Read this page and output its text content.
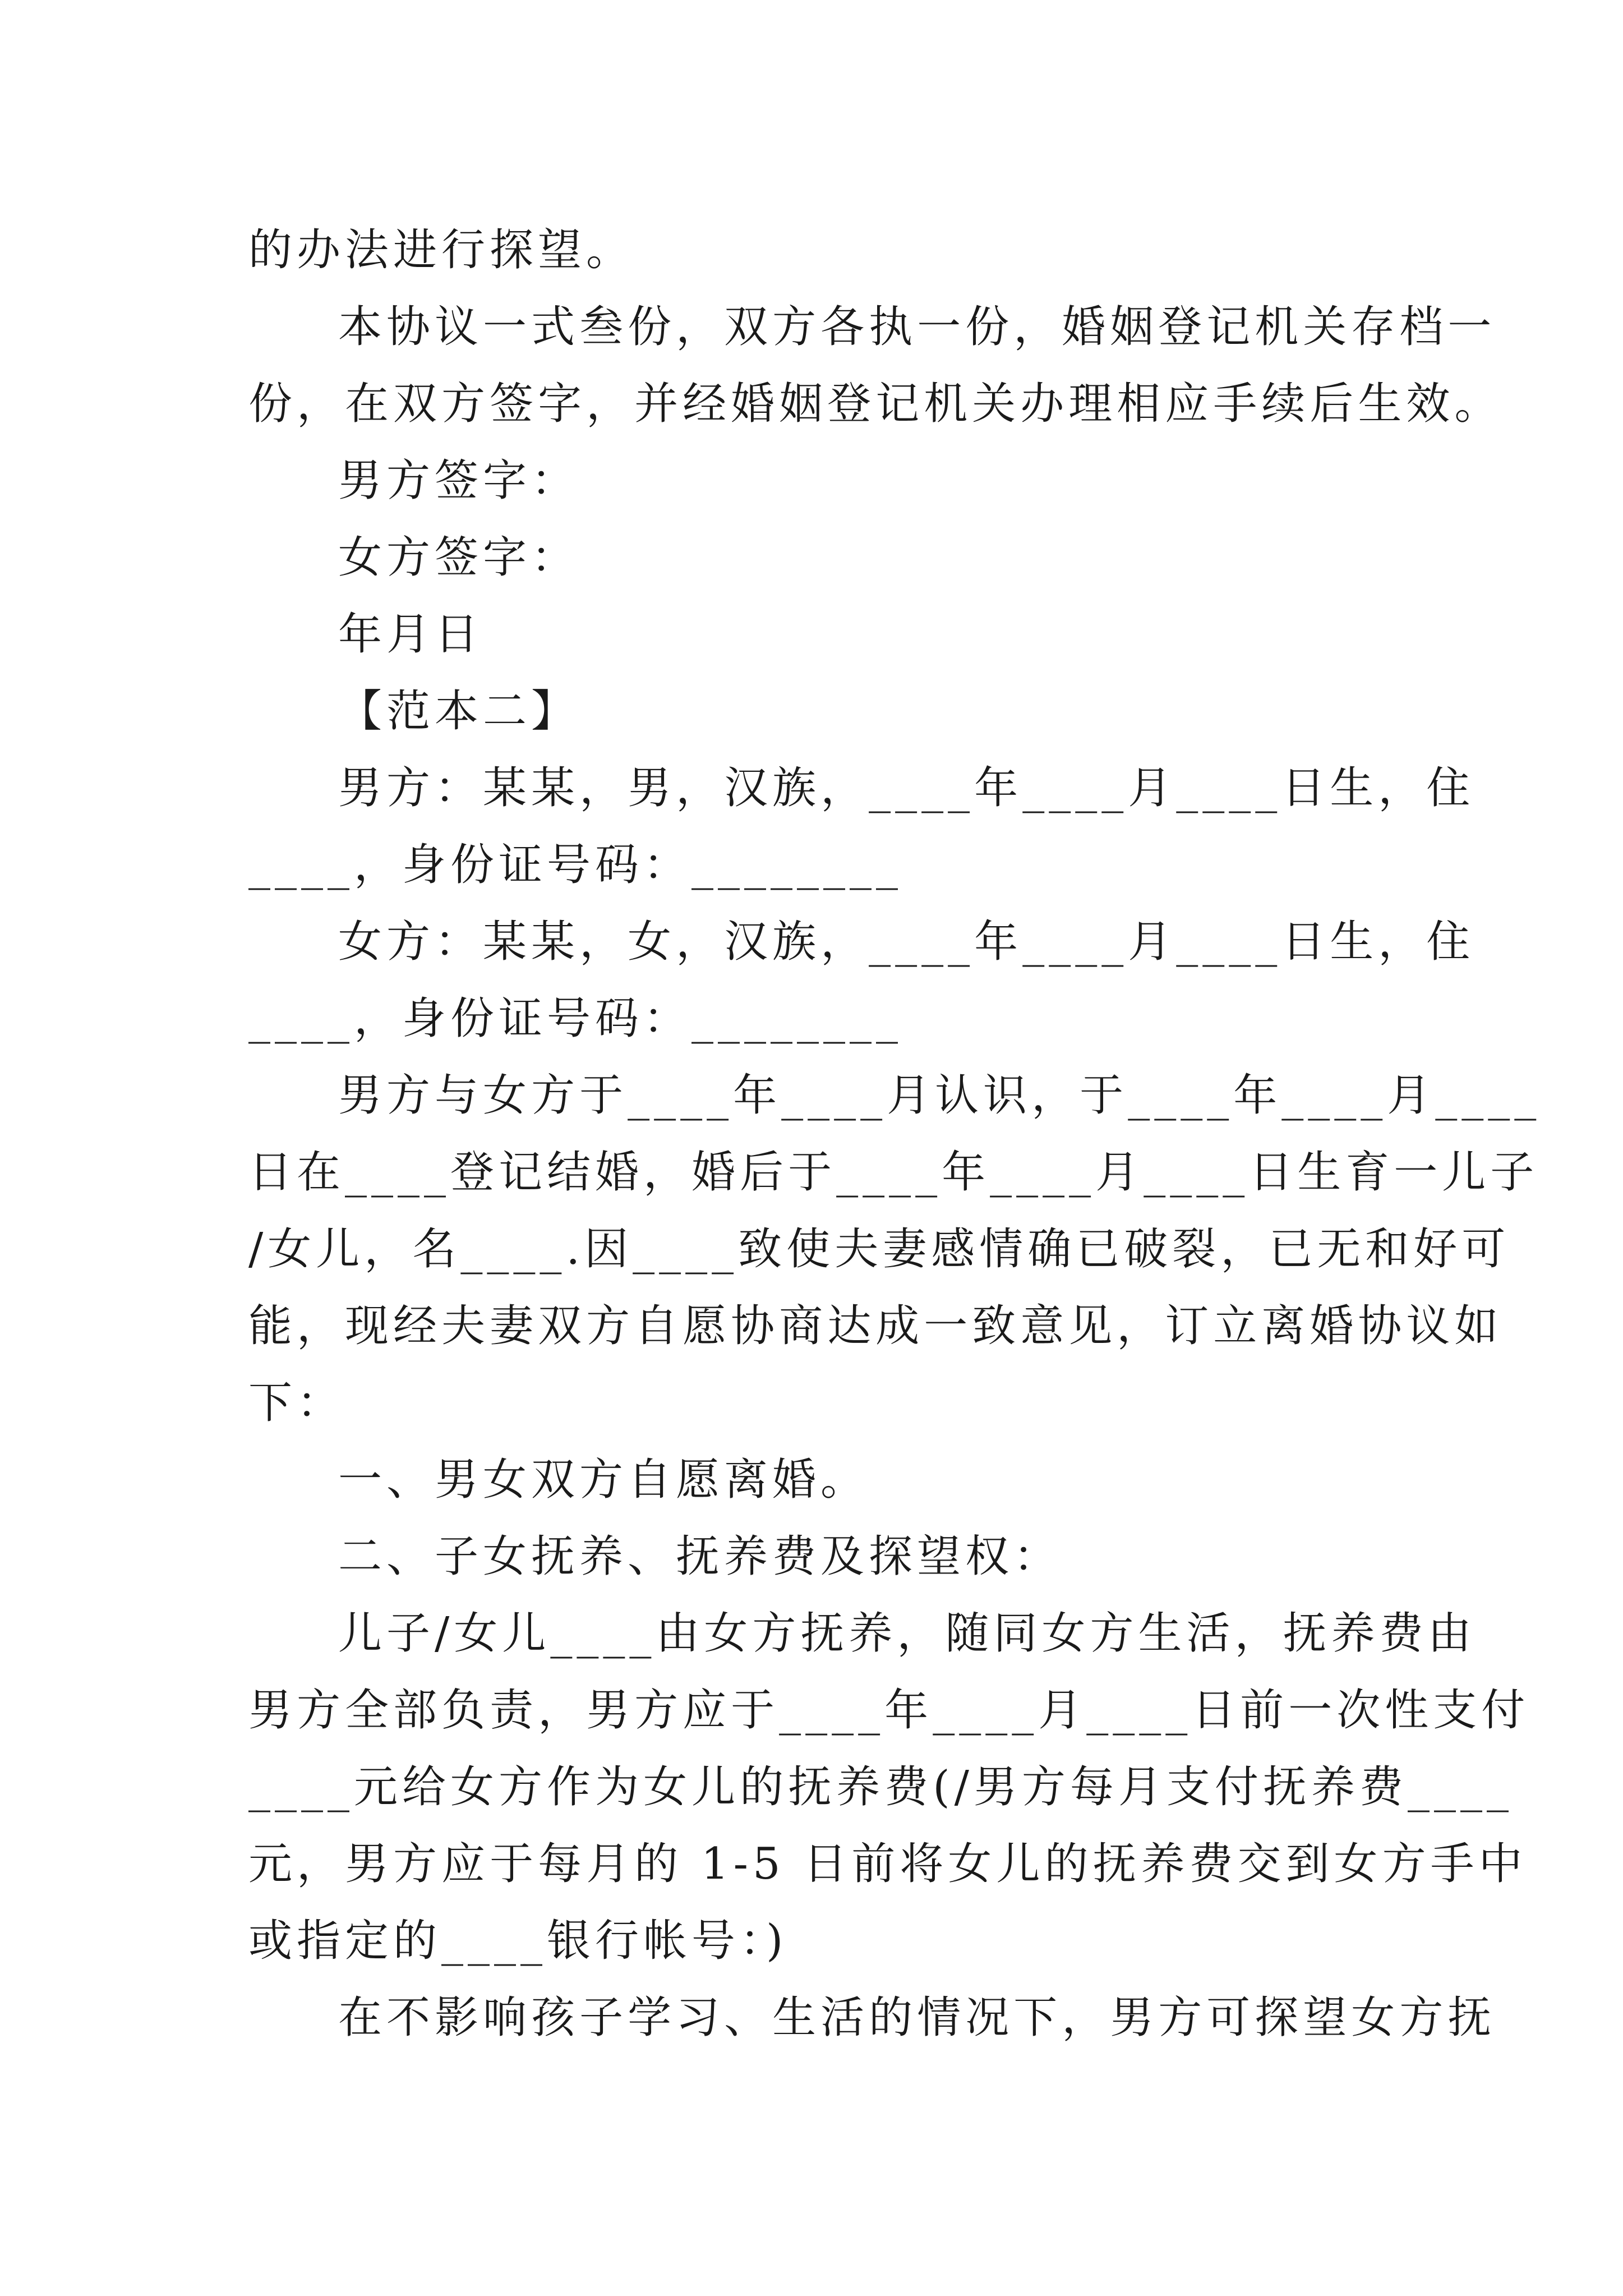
的办法进行探望。
本 协 议 一 式 叁 份 ， 双 方 各 执 一 份 ， 婚 姻 登 记 机 关 存 档 一
份 ， 在 双 方 签 字 ， 并 经 婚 姻 登 记 机 关 办 理 相 应 手 续 后 生 效 。
男方签字：
女方签字：
年月日
【范本二】
男 方 ： 某 某 ， 男 ， 汉 族 ， _ _ _ _ 年 _ _ _ _ 月 _ _ _ _ 日 生 ， 住
____，身份证号码：________
女 方 ： 某 某 ， 女 ， 汉 族 ， _ _ _ _ 年 _ _ _ _ 月 _ _ _ _ 日 生 ， 住
____，身份证号码：________
男 方 与 女 方 于 _ _ _ _ 年 _ _ _ _ 月 认 识 ， 于 _ _ _ _ 年 _ _ _ _ 月 _ _ _ _
日 在 _ _ _ _ 登 记 结 婚 ， 婚 后 于 _ _ _ _ 年 _ _ _ _ 月 _ _ _ _ 日 生 育 一 儿 子
/ 女 儿 ， 名 _ _ _ _ . 因 _ _ _ _ 致 使 夫 妻 感 情 确 已 破 裂 ， 已 无 和 好 可
能 ， 现 经 夫 妻 双 方 自 愿 协 商 达 成 一 致 意 见 ， 订 立 离 婚 协 议 如
下：
一、男女双方自愿离婚。
二、子女抚养、抚养费及探望权：
儿 子 / 女 儿 _ _ _ _ 由 女 方 抚 养 ， 随 同 女 方 生 活 ， 抚 养 费 由
男 方 全 部 负 责 ， 男 方 应 于 _ _ _ _ 年 _ _ _ _ 月 _ _ _ _ 日 前 一 次 性 支 付
_ _ _ _ 元 给 女 方 作 为 女 儿 的 抚 养 费 ( / 男 方 每 月 支 付 抚 养 费 _ _ _ _
元 ， 男 方 应 于 每 月 的
1 - 5
日 前 将 女 儿 的 抚 养 费 交 到 女 方 手 中
或指定的____银行帐号：)
在 不 影 响 孩 子 学 习 、 生 活 的 情 况 下 ， 男 方 可 探 望 女 方 抚
